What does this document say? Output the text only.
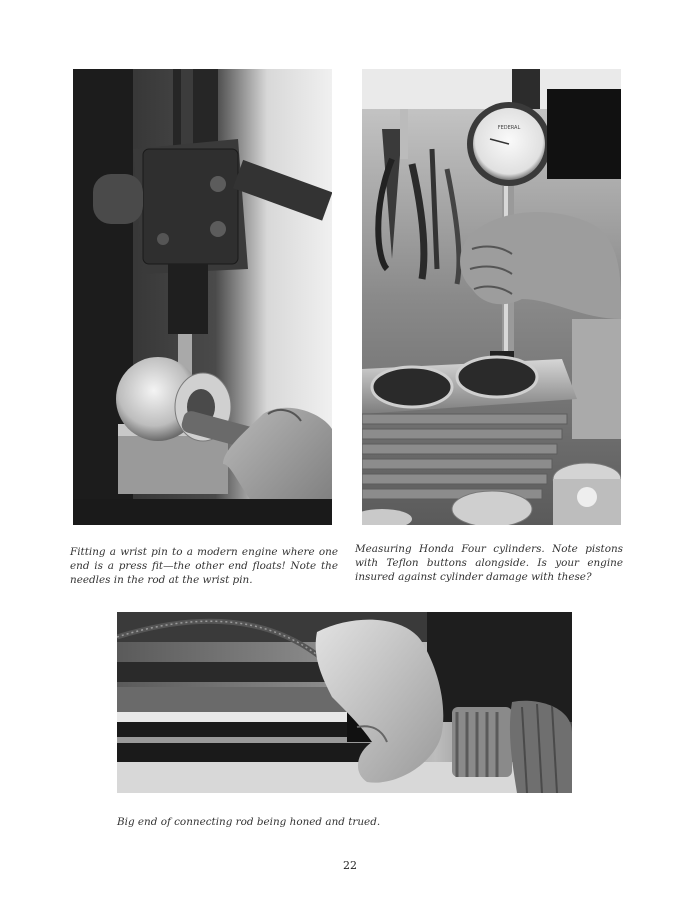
FEDERAL

Fitting a wrist pin to a modern engine where one end is a press fit—the other end floats! Note the needles in the rod at the wrist pin.

Measuring Honda Four cylinders. Note pistons with Teflon buttons alongside. Is your engine insured against cylinder damage with these?

Big end of connecting rod being honed and trued.

22
